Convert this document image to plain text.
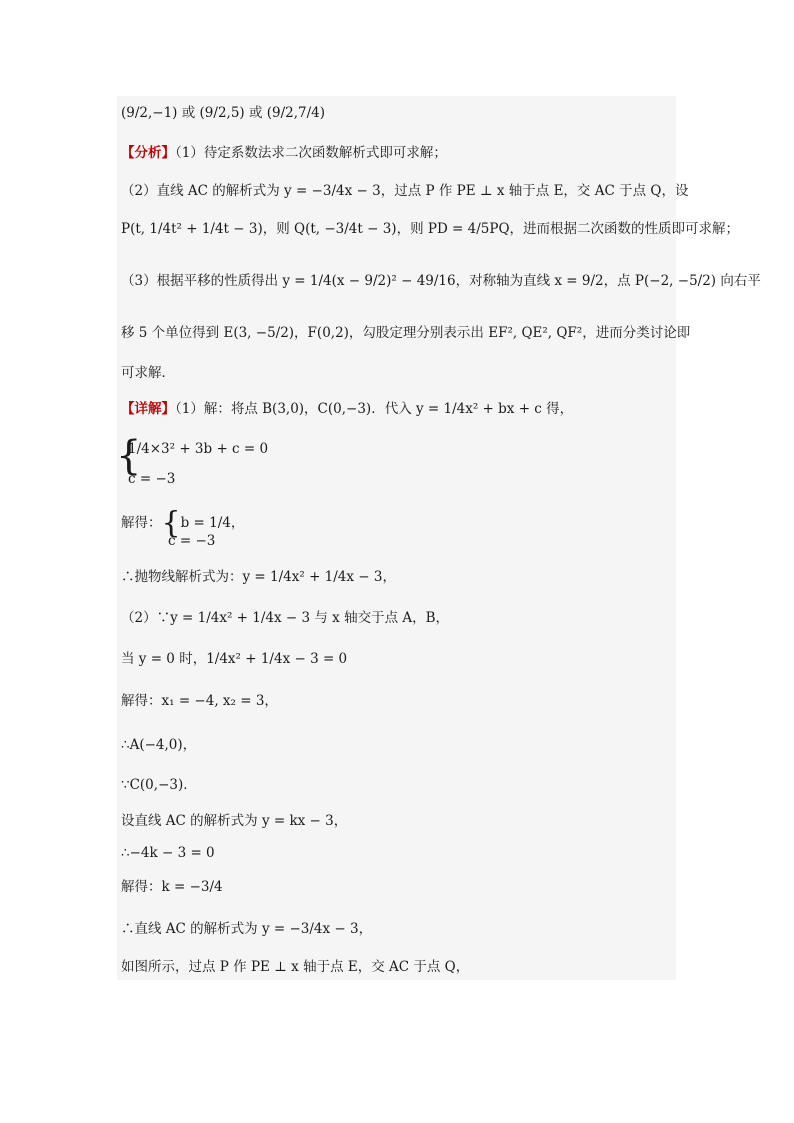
(9/2,−1) 或 (9/2,5) 或 (9/2,7/4)
【分析】（1）待定系数法求二次函数解析式即可求解；
（2）直线 AC 的解析式为 y = −3/4x − 3，过点 P 作 PE ⊥ x 轴于点 E，交 AC 于点 Q，设
P(t, 1/4t² + 1/4t − 3)，则 Q(t, −3/4t − 3)，则 PD = 4/5PQ，进而根据二次函数的性质即可求解；
（3）根据平移的性质得出 y = 1/4(x − 9/2)² − 49/16，对称轴为直线 x = 9/2，点 P(−2, −5/2) 向右平
移 5 个单位得到 E(3, −5/2)，F(0,2)，勾股定理分别表示出 EF², QE², QF²，进而分类讨论即
可求解．
【详解】（1）解：将点 B(3,0)，C(0,−3)．代入 y = 1/4x² + bx + c 得，
{
1/4×3² + 3b + c = 0
c = −3
解得：{b = 1/4，
c = −3
∴抛物线解析式为：y = 1/4x² + 1/4x − 3，
（2）∵y = 1/4x² + 1/4x − 3 与 x 轴交于点 A，B，
当 y = 0 时，1/4x² + 1/4x − 3 = 0
解得：x₁ = −4, x₂ = 3，
∴A(−4,0)，
∵C(0,−3)．
设直线 AC 的解析式为 y = kx − 3，
∴−4k − 3 = 0
解得：k = −3/4
∴直线 AC 的解析式为 y = −3/4x − 3，
如图所示，过点 P 作 PE ⊥ x 轴于点 E，交 AC 于点 Q，
